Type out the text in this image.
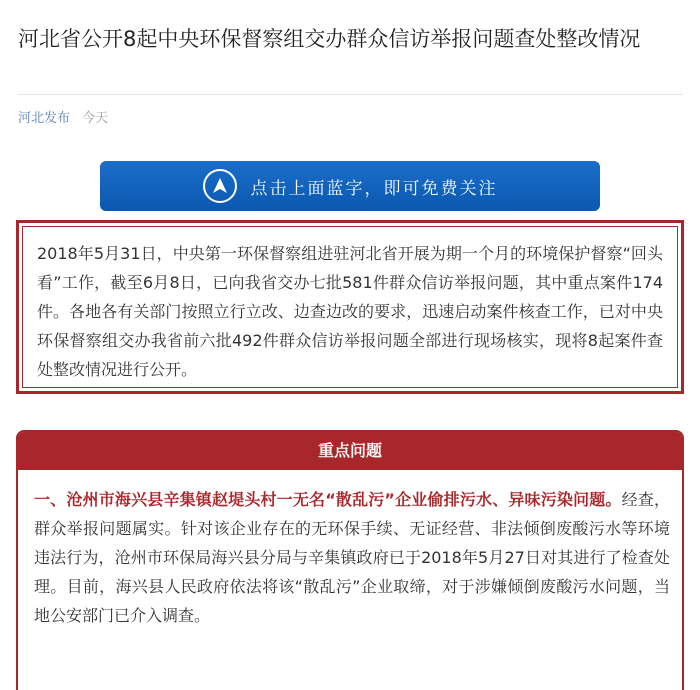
河北省公开8起中央环保督察组交办群众信访举报问题查处整改情况
河北发布 今天
点击上面蓝字，即可免费关注

2018年5月31日，中央第一环保督察组进驻河北省开展为期一个月的环境保护督察“回头看”工作，截至6月8日，已向我省交办七批581件群众信访举报问题，其中重点案件174件。各地各有关部门按照立行立改、边查边改的要求，迅速启动案件核查工作，已对中央环保督察组交办我省前六批492件群众信访举报问题全部进行现场核实，现将8起案件查处整改情况进行公开。

重点问题

一、沧州市海兴县辛集镇赵堤头村一无名“散乱污”企业偷排污水、异味污染问题。经查，群众举报问题属实。针对该企业存在的无环保手续、无证经营、非法倾倒废酸污水等环境违法行为，沧州市环保局海兴县分局与辛集镇政府已于2018年5月27日对其进行了检查处理。目前，海兴县人民政府依法将该“散乱污”企业取缔，对于涉嫌倾倒废酸污水问题，当地公安部门已介入调查。
